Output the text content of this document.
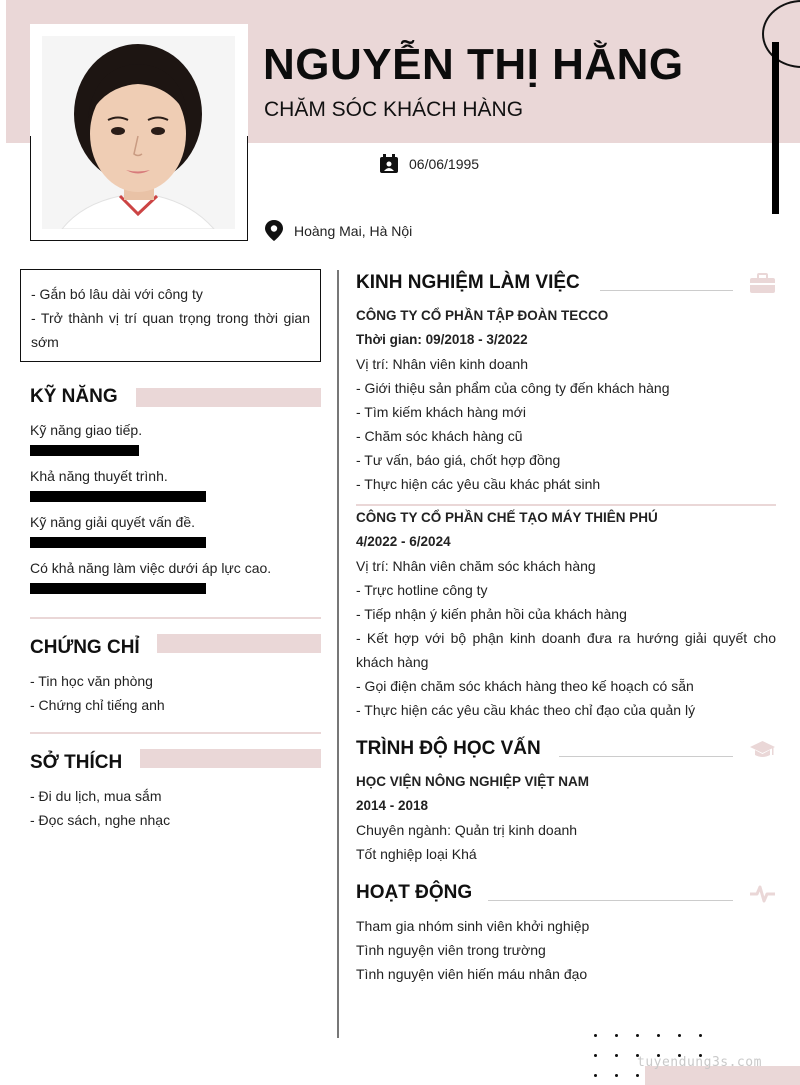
NGUYỄN THỊ HẰNG
CHĂM SÓC KHÁCH HÀNG
06/06/1995
Hoàng Mai, Hà Nội

- Gắn bó lâu dài với công ty

- Trở thành vị trí quan trọng trong thời gian sớm

KỸ NĂNG
Kỹ năng giao tiếp.
Khả năng thuyết trình.
Kỹ năng giải quyết vấn đề.
Có khả năng làm việc dưới áp lực cao.
CHỨNG CHỈ
- Tin học văn phòng
- Chứng chỉ tiếng anh
SỞ THÍCH
- Đi du lịch, mua sắm
- Đọc sách, nghe nhạc
KINH NGHIỆM LÀM VIỆC
CÔNG TY CỔ PHẦN TẬP ĐOÀN TECCO
Thời gian: 09/2018 - 3/2022
Vị trí: Nhân viên kinh doanh
- Giới thiệu sản phẩm của công ty đến khách hàng
- Tìm kiếm khách hàng mới
- Chăm sóc khách hàng cũ
- Tư vấn, báo giá, chốt hợp đồng
- Thực hiện các yêu cầu khác phát sinh
CÔNG TY CỔ PHẦN CHẾ TẠO MÁY THIÊN PHÚ
4/2022 - 6/2024
Vị trí: Nhân viên chăm sóc khách hàng
- Trực hotline công ty
- Tiếp nhận ý kiến phản hồi của khách hàng

- Kết hợp với bộ phận kinh doanh đưa ra hướng giải quyết cho khách hàng

- Gọi điện chăm sóc khách hàng theo kế hoạch có sẵn
- Thực hiện các yêu cầu khác theo chỉ đạo của quản lý
TRÌNH ĐỘ HỌC VẤN
HỌC VIỆN NÔNG NGHIỆP VIỆT NAM
2014 - 2018
Chuyên ngành: Quản trị kinh doanh
Tốt nghiệp loại Khá
HOẠT ĐỘNG
Tham gia nhóm sinh viên khởi nghiệp
Tình nguyện viên trong trường
Tình nguyện viên hiến máu nhân đạo
tuyendung3s.com
